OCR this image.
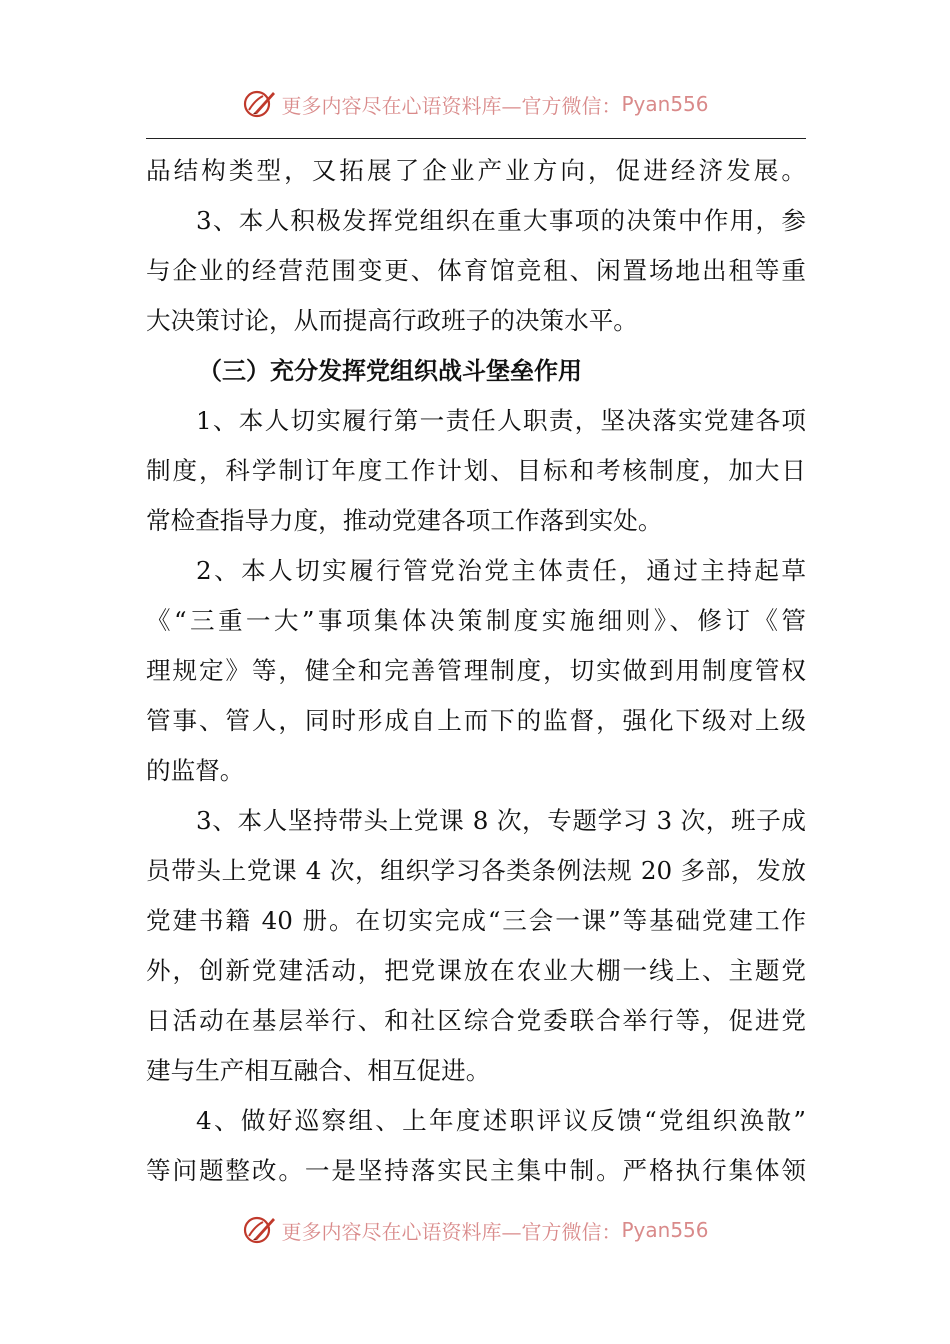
更多内容尽在心语资料库—官方微信： Pyan556
品结构类型，又拓展了企业产业方向，促进经济发展。
3、本人积极发挥党组织在重大事项的决策中作用，参
与企业的经营范围变更、体育馆竞租、闲置场地出租等重
大决策讨论，从而提高行政班子的决策水平。
（三）充分发挥党组织战斗堡垒作用
1、本人切实履行第一责任人职责，坚决落实党建各项
制度，科学制订年度工作计划、目标和考核制度，加大日
常检查指导力度，推动党建各项工作落到实处。
2、本人切实履行管党治党主体责任，通过主持起草
《“三重一大”事项集体决策制度实施细则》、修订《管
理规定》等，健全和完善管理制度，切实做到用制度管权
管事、管人，同时形成自上而下的监督，强化下级对上级
的监督。
3、本人坚持带头上党课 8 次，专题学习 3 次，班子成
员带头上党课 4 次，组织学习各类条例法规 20 多部，发放
党建书籍 40 册。在切实完成“三会一课”等基础党建工作
外，创新党建活动，把党课放在农业大棚一线上、主题党
日活动在基层举行、和社区综合党委联合举行等，促进党
建与生产相互融合、相互促进。
4、做好巡察组、上年度述职评议反馈“党组织涣散”
等问题整改。一是坚持落实民主集中制。严格执行集体领
更多内容尽在心语资料库—官方微信： Pyan556
